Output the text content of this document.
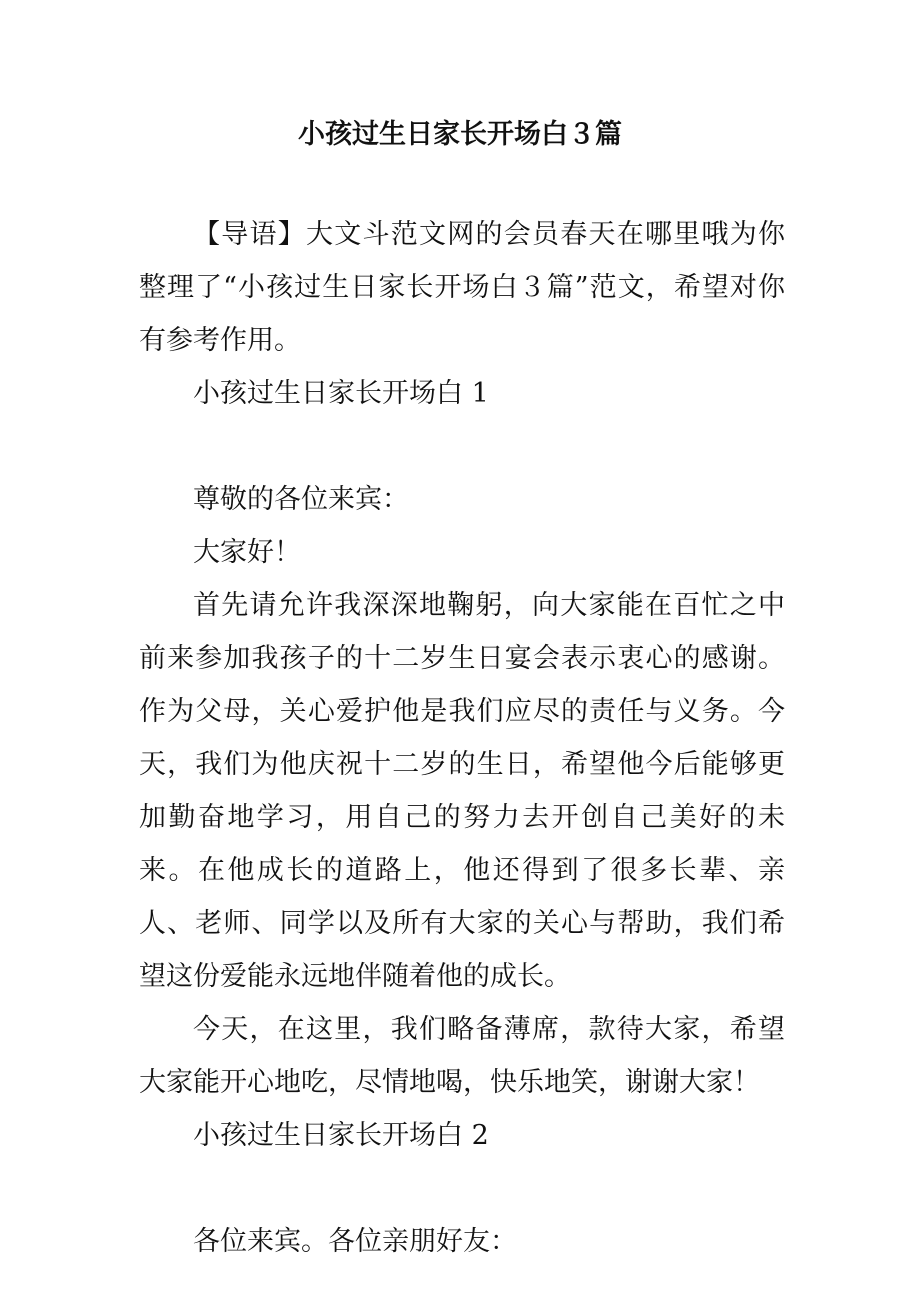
小孩过生日家长开场白３篇

【导语】大文斗范文网的会员春天在哪里哦为你整理了“小孩过生日家长开场白３篇”范文，希望对你有参考作用。

小孩过生日家长开场白 1

尊敬的各位来宾：

大家好！

首先请允许我深深地鞠躬，向大家能在百忙之中前来参加我孩子的十二岁生日宴会表示衷心的感谢。作为父母，关心爱护他是我们应尽的责任与义务。今天，我们为他庆祝十二岁的生日，希望他今后能够更加勤奋地学习，用自己的努力去开创自己美好的未来。在他成长的道路上，他还得到了很多长辈、亲人、老师、同学以及所有大家的关心与帮助，我们希望这份爱能永远地伴随着他的成长。

今天，在这里，我们略备薄席，款待大家，希望大家能开心地吃，尽情地喝，快乐地笑，谢谢大家！

小孩过生日家长开场白 2

各位来宾。各位亲朋好友：
